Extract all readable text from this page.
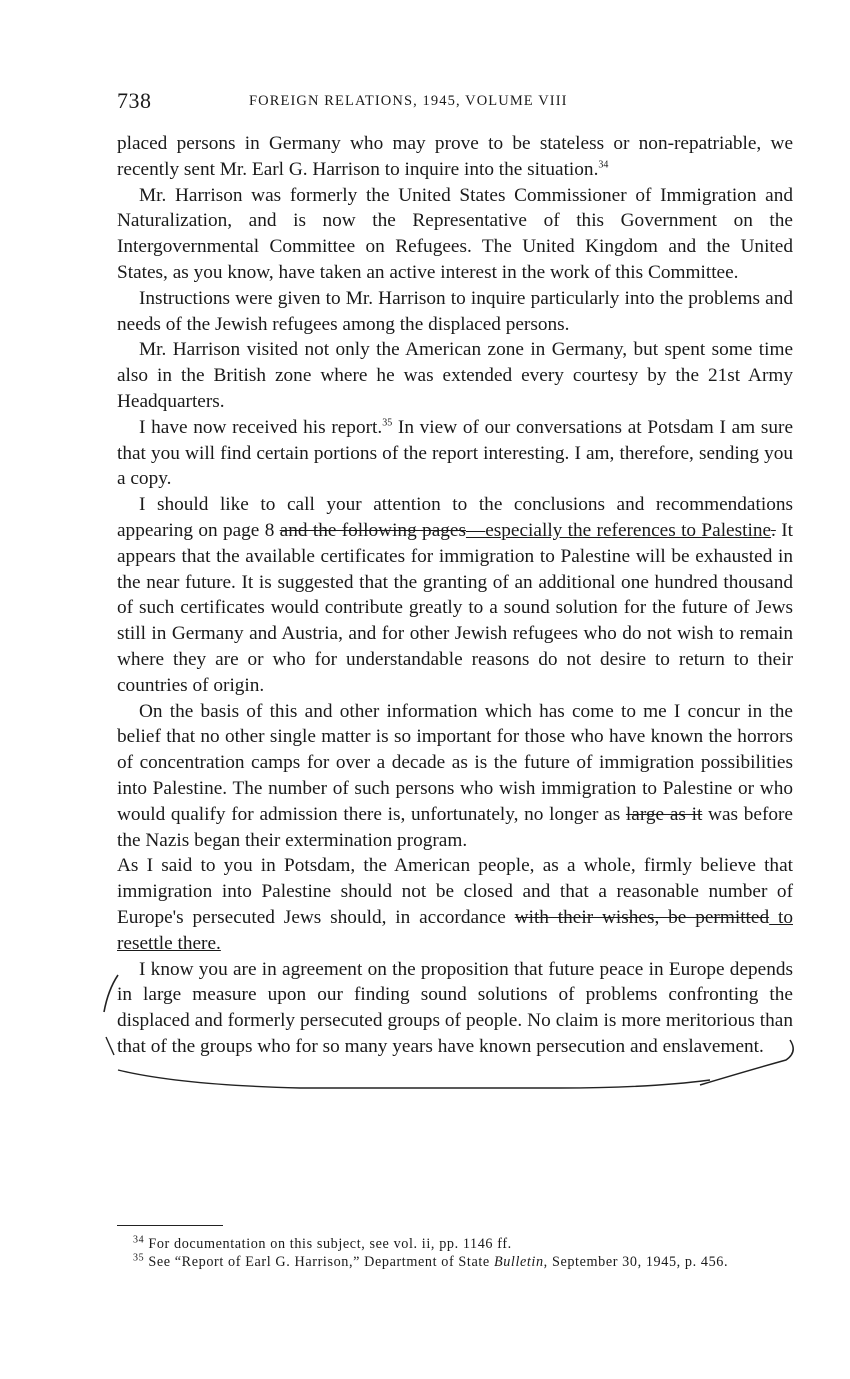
738	FOREIGN RELATIONS, 1945, VOLUME VIII

placed persons in Germany who may prove to be stateless or non-repatriable, we recently sent Mr. Earl G. Harrison to inquire into the situation.$^{34}$

Mr. Harrison was formerly the United States Commissioner of Immigration and Naturalization, and is now the Representative of this Government on the Intergovernmental Committee on Refugees. The United Kingdom and the United States, as you know, have taken an active interest in the work of this Committee.

Instructions were given to Mr. Harrison to inquire particularly into the problems and needs of the Jewish refugees among the displaced persons.

Mr. Harrison visited not only the American zone in Germany, but spent some time also in the British zone where he was extended every courtesy by the 21st Army Headquarters.

I have now received his report.$^{35}$ In view of our conversations at Potsdam I am sure that you will find certain portions of the report interesting. I am, therefore, sending you a copy.

I should like to call your attention to the conclusions and recommendations appearing on page 8 and the following pages—especially the references to Palestine. It appears that the available certificates for immigration to Palestine will be exhausted in the near future. It is suggested that the granting of an additional one hundred thousand of such certificates would contribute greatly to a sound solution for the future of Jews still in Germany and Austria, and for other Jewish refugees who do not wish to remain where they are or who for understandable reasons do not desire to return to their countries of origin.

On the basis of this and other information which has come to me I concur in the belief that no other single matter is so important for those who have known the horrors of concentration camps for over a decade as is the future of immigration possibilities into Palestine. The number of such persons who wish immigration to Palestine or who would qualify for admission there is, unfortunately, no longer as large as it was before the Nazis began their extermination program.

As I said to you in Potsdam, the American people, as a whole, firmly believe that immigration into Palestine should not be closed and that a reasonable number of Europe's persecuted Jews should, in accordance with their wishes, be permitted to resettle there.

I know you are in agreement on the proposition that future peace in Europe depends in large measure upon our finding sound solutions of problems confronting the displaced and formerly persecuted groups of people. No claim is more meritorious than that of the groups who for so many years have known persecution and enslavement.

$^{34}$ For documentation on this subject, see vol. ii, pp. 1146 ff.

$^{35}$ See “Report of Earl G. Harrison,” Department of State Bulletin, September 30, 1945, p. 456.
